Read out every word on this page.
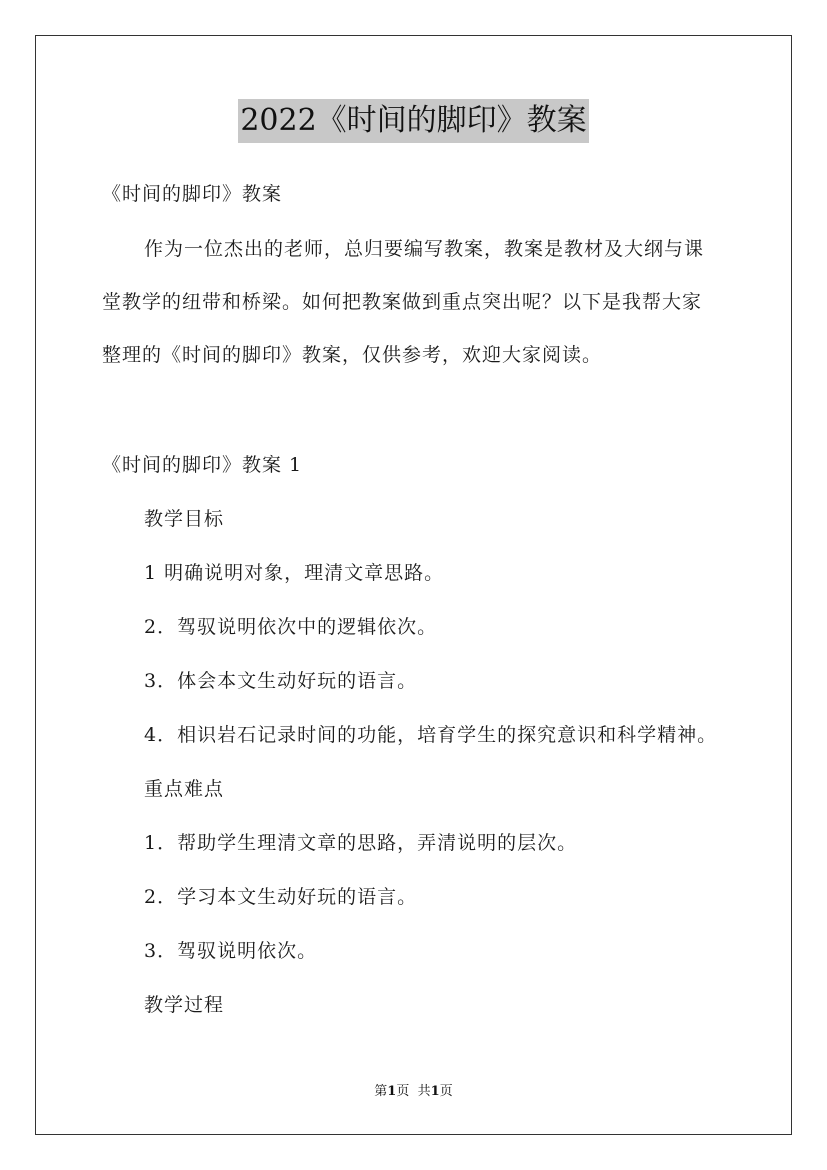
2022《时间的脚印》教案
《时间的脚印》教案
作为一位杰出的老师，总归要编写教案，教案是教材及大纲与课
堂教学的纽带和桥梁。如何把教案做到重点突出呢？以下是我帮大家
整理的《时间的脚印》教案，仅供参考，欢迎大家阅读。
《时间的脚印》教案 1
教学目标
1 明确说明对象，理清文章思路。
2．驾驭说明依次中的逻辑依次。
3．体会本文生动好玩的语言。
4．相识岩石记录时间的功能，培育学生的探究意识和科学精神。
重点难点
1．帮助学生理清文章的思路，弄清说明的层次。
2．学习本文生动好玩的语言。
3．驾驭说明依次。
教学过程
第1页 共1页
